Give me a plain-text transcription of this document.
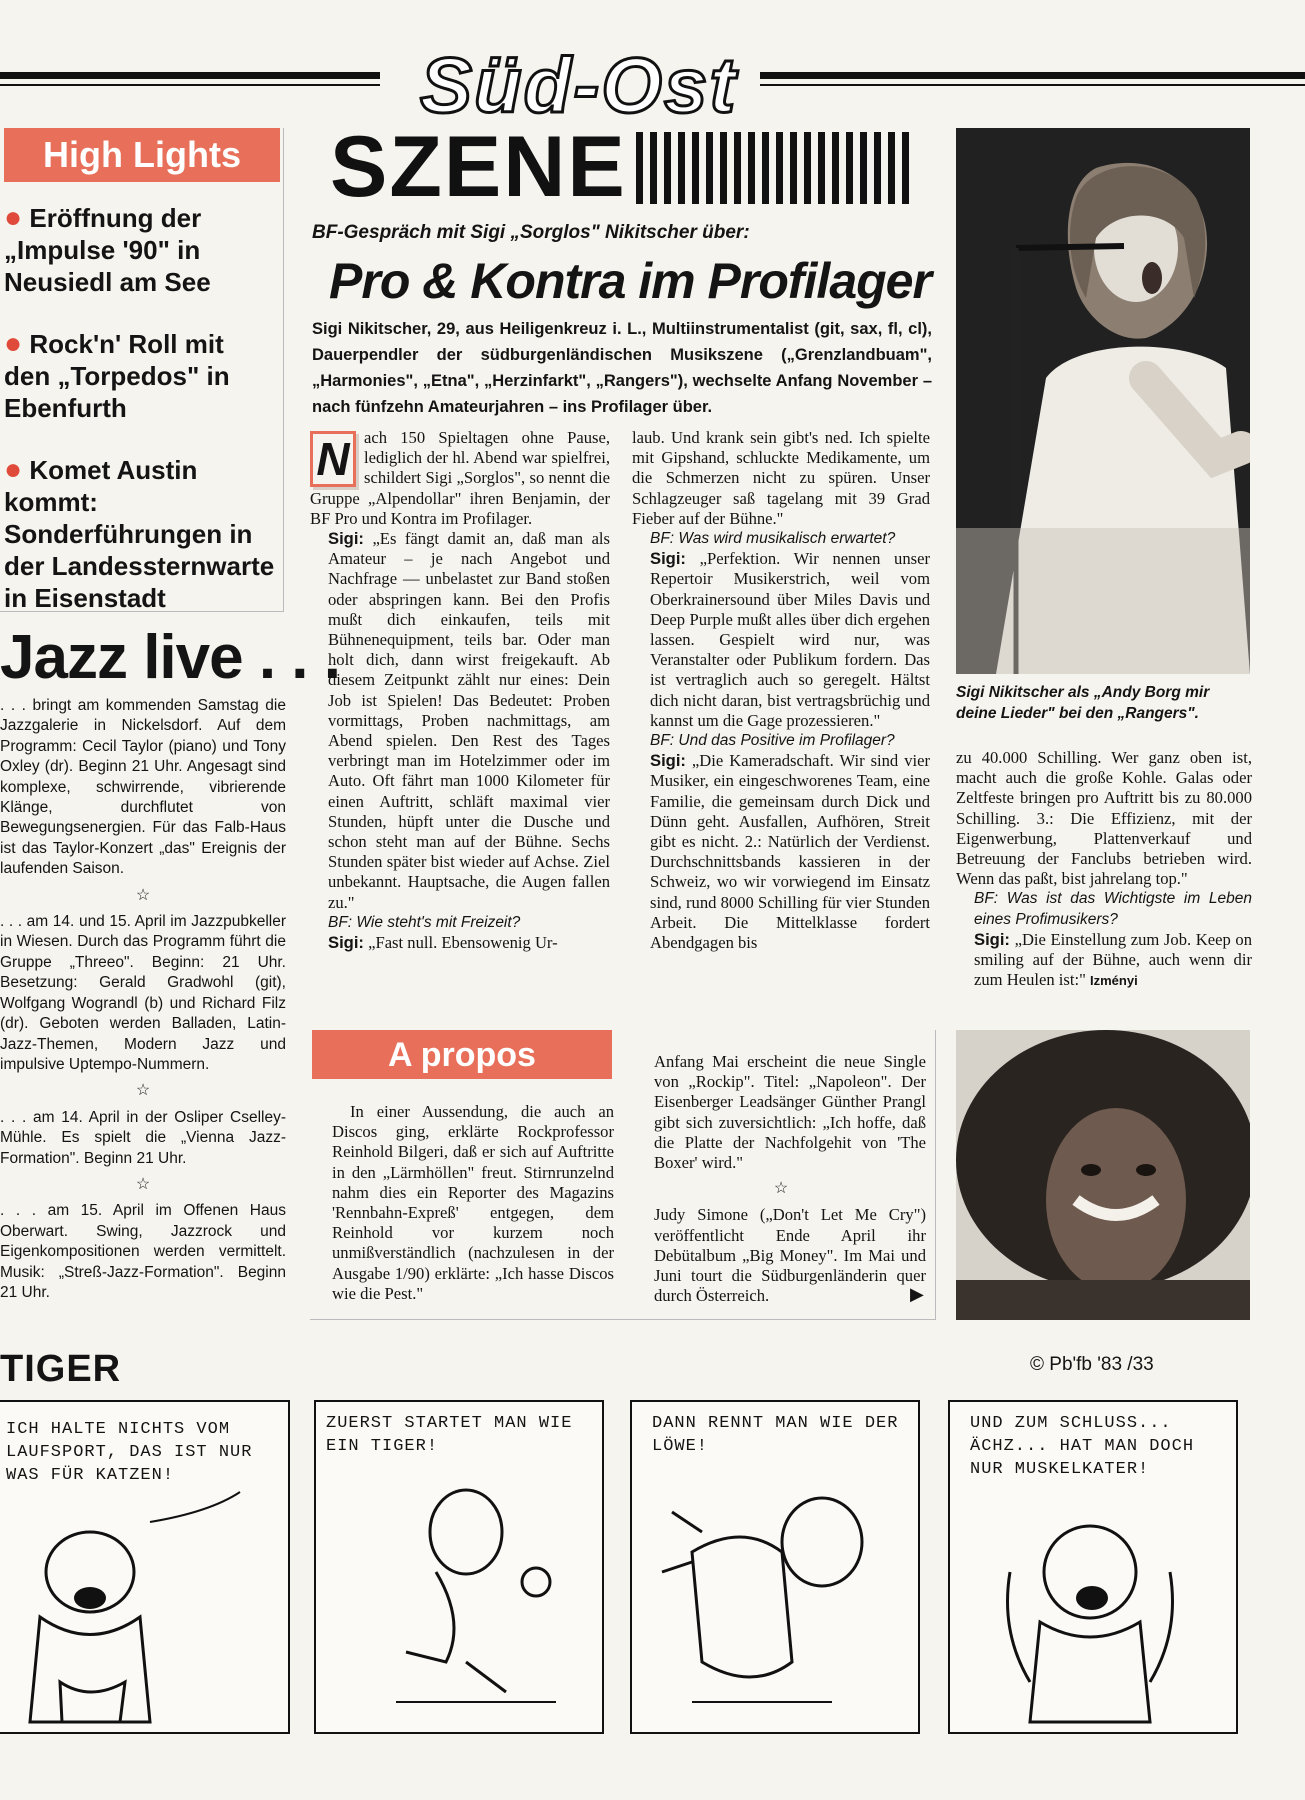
Süd-Ost
SZENE
High Lights
● Eröffnung der
„Impulse '90" in
Neusiedl am See
● Rock'n' Roll mit
den „Torpedos" in
Ebenfurth
● Komet Austin kommt:
Sonderführungen in
der Landessternwarte
in Eisenstadt
Jazz live . . .

. . . bringt am kommenden Samstag die Jazzgalerie in Nickelsdorf. Auf dem Programm: Cecil Taylor (piano) und Tony Oxley (dr). Beginn 21 Uhr. Angesagt sind komplexe, schwirrende, vibrierende Klänge, durchflutet von Bewegungsenergien. Für das Falb-Haus ist das Taylor-Konzert „das" Ereignis der laufenden Saison.

☆

. . . am 14. und 15. April im Jazzpubkeller in Wiesen. Durch das Programm führt die Gruppe „Threeo". Beginn: 21 Uhr. Besetzung: Gerald Gradwohl (git), Wolfgang Wograndl (b) und Richard Filz (dr). Geboten werden Balladen, Latin-Jazz-Themen, Modern Jazz und impulsive Uptempo-Nummern.

☆

. . . am 14. April in der Osliper Cselley-Mühle. Es spielt die „Vienna Jazz-Formation". Beginn 21 Uhr.

☆

. . . am 15. April im Offenen Haus Oberwart. Swing, Jazzrock und Eigenkompositionen werden vermittelt. Musik: „Streß-Jazz-Formation". Beginn 21 Uhr.

BF-Gespräch mit Sigi „Sorglos" Nikitscher über:
Pro & Kontra im Profilager
Sigi Nikitscher, 29, aus Heiligenkreuz i. L., Multiinstrumentalist (git, sax, fl, cl), Dauerpendler der südburgenländischen Musikszene („Grenzlandbuam", „Harmonies", „Etna", „Herzinfarkt", „Rangers"), wechselte Anfang November – nach fünfzehn Amateurjahren – ins Profilager über.
N ach 150 Spieltagen ohne Pause, lediglich der hl. Abend war spielfrei, schildert Sigi „Sorglos", so nennt die Gruppe „Alpendollar" ihren Benjamin, der BF Pro und Kontra im Profilager.

Sigi: „Es fängt damit an, daß man als Amateur – je nach Angebot und Nachfrage — unbelastet zur Band stoßen oder abspringen kann. Bei den Profis mußt dich einkaufen, teils mit Bühnenequipment, teils bar. Oder man holt dich, dann wirst freigekauft. Ab diesem Zeitpunkt zählt nur eines: Dein Job ist Spielen! Das Bedeutet: Proben vormittags, Proben nachmittags, am Abend spielen. Den Rest des Tages verbringt man im Hotelzimmer oder im Auto. Oft fährt man 1000 Kilometer für einen Auftritt, schläft maximal vier Stunden, hüpft unter die Dusche und schon steht man auf der Bühne. Sechs Stunden später bist wieder auf Achse. Ziel unbekannt. Hauptsache, die Augen fallen zu."

BF: Wie steht's mit Freizeit?

Sigi: „Fast null. Ebensowenig Ur-

laub. Und krank sein gibt's ned. Ich spielte mit Gipshand, schluckte Medikamente, um die Schmerzen nicht zu spüren. Unser Schlagzeuger saß tagelang mit 39 Grad Fieber auf der Bühne."

BF: Was wird musikalisch erwartet?

Sigi: „Perfektion. Wir nennen unser Repertoir Musikerstrich, weil vom Oberkrainersound über Miles Davis und Deep Purple mußt alles über dich ergehen lassen. Gespielt wird nur, was Veranstalter oder Publikum fordern. Das ist vertraglich auch so geregelt. Hältst dich nicht daran, bist vertragsbrüchig und kannst um die Gage prozessieren."

BF: Und das Positive im Profilager?

Sigi: „Die Kameradschaft. Wir sind vier Musiker, ein eingeschworenes Team, eine Familie, die gemeinsam durch Dick und Dünn geht. Ausfallen, Aufhören, Streit gibt es nicht. 2.: Natürlich der Verdienst. Durchschnittsbands kassieren in der Schweiz, wo wir vorwiegend im Einsatz sind, rund 8000 Schilling für vier Stunden Arbeit. Die Mittelklasse fordert Abendgagen bis

Sigi Nikitscher als „Andy Borg mir deine Lieder" bei den „Rangers".

zu 40.000 Schilling. Wer ganz oben ist, macht auch die große Kohle. Galas oder Zeltfeste bringen pro Auftritt bis zu 80.000 Schilling. 3.: Die Effizienz, mit der Eigenwerbung, Plattenverkauf und Betreuung der Fanclubs betrieben wird. Wenn das paßt, bist jahrelang top."

BF: Was ist das Wichtigste im Leben eines Profimusikers?

Sigi: „Die Einstellung zum Job. Keep on smiling auf der Bühne, auch wenn dir zum Heulen ist:" Izményi

A propos
In einer Aussendung, die auch an Discos ging, erklärte Rockprofessor Reinhold Bilgeri, daß er sich auf Auftritte in den „Lärmhöllen" freut. Stirnrunzelnd nahm dies ein Reporter des Magazins 'Rennbahn-Expreß' entgegen, dem Reinhold vor kurzem noch unmißverständlich (nachzulesen in der Ausgabe 1/90) erklärte: „Ich hasse Discos wie die Pest."

Anfang Mai erscheint die neue Single von „Rockip". Titel: „Napoleon". Der Eisenberger Leadsänger Günther Prangl gibt sich zuversichtlich: „Ich hoffe, daß die Platte der Nachfolgehit von 'The Boxer' wird."

☆

Judy Simone („Don't Let Me Cry") veröffentlicht Ende April ihr Debütalbum „Big Money". Im Mai und Juni tourt die Südburgenländerin quer durch Österreich.	▶
TIGER	© Pb'fb '83 /33
ICH HALTE NICHTS VOM LAUFSPORT, DAS IST NUR WAS FÜR KATZEN!
ZUERST STARTET MAN WIE EIN TIGER!
DANN RENNT MAN WIE DER LÖWE!
UND ZUM SCHLUSS... ÄCHZ... HAT MAN DOCH NUR MUSKELKATER!
